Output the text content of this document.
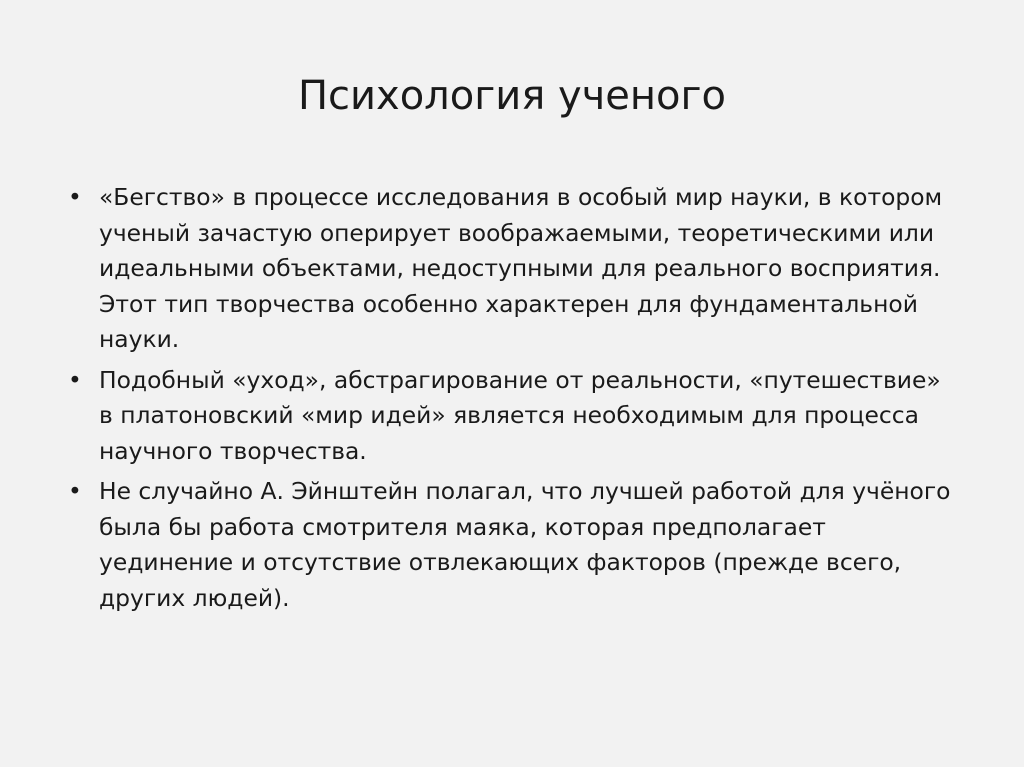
Психология ученого
• «Бегство» в процессе исследования в особый мир науки, в котором ученый зачастую оперирует воображаемыми, теоретическими или идеальными объектами, недоступными для реального восприятия. Этот тип творчества особенно характерен для фундаментальной науки.
• Подобный «уход», абстрагирование от реальности, «путешествие» в платоновский «мир идей» является необходимым для процесса научного творчества.
• Не случайно А. Эйнштейн полагал, что лучшей работой для учёного была бы работа смотрителя маяка, которая предполагает уединение и отсутствие отвлекающих факторов (прежде всего, других людей).
